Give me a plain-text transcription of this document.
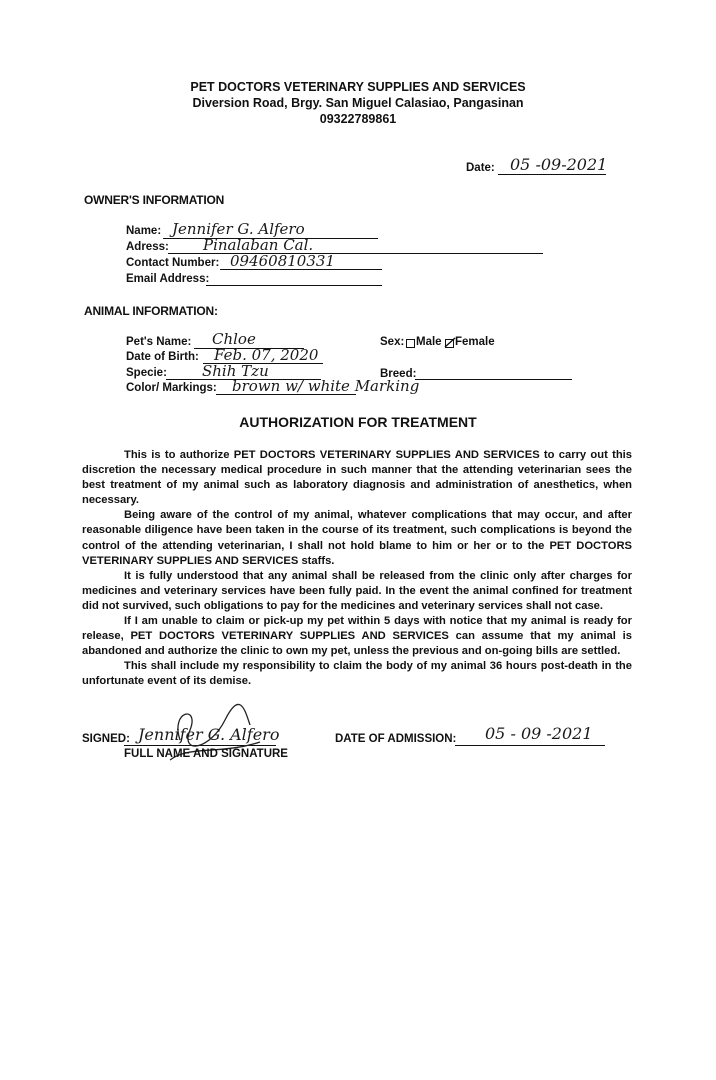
PET DOCTORS VETERINARY SUPPLIES AND SERVICES
Diversion Road, Brgy. San Miguel Calasiao, Pangasinan
09322789861
Date: 05 -09-2021
OWNER'S INFORMATION
Name: Jennifer G. Alfero
Adress: Pinalaban Cal.
Contact Number: 09460810331
Email Address:
ANIMAL INFORMATION:
Pet's Name: Chloe	Sex: Male Female
Date of Birth: Feb. 07, 2020
Specie: Shih Tzu	Breed:
Color/ Markings: brown w/ white Marking
AUTHORIZATION FOR TREATMENT

This is to authorize PET DOCTORS VETERINARY SUPPLIES AND SERVICES to carry out this discretion the necessary medical procedure in such manner that the attending veterinarian sees the best treatment of my animal such as laboratory diagnosis and administration of anesthetics, when necessary.

Being aware of the control of my animal, whatever complications that may occur, and after reasonable diligence have been taken in the course of its treatment, such complications is beyond the control of the attending veterinarian, I shall not hold blame to him or her or to the PET DOCTORS VETERINARY SUPPLIES AND SERVICES staffs.

It is fully understood that any animal shall be released from the clinic only after charges for medicines and veterinary services have been fully paid. In the event the animal confined for treatment did not survived, such obligations to pay for the medicines and veterinary services shall not case.

If I am unable to claim or pick-up my pet within 5 days with notice that my animal is ready for release, PET DOCTORS VETERINARY SUPPLIES AND SERVICES can assume that my animal is abandoned and authorize the clinic to own my pet, unless the previous and on-going bills are settled.

This shall include my responsibility to claim the body of my animal 36 hours post-death in the unfortunate event of its demise.

SIGNED: Jennifer G. Alfero
FULL NAME AND SIGNATURE
DATE OF ADMISSION: 05 - 09 -2021
